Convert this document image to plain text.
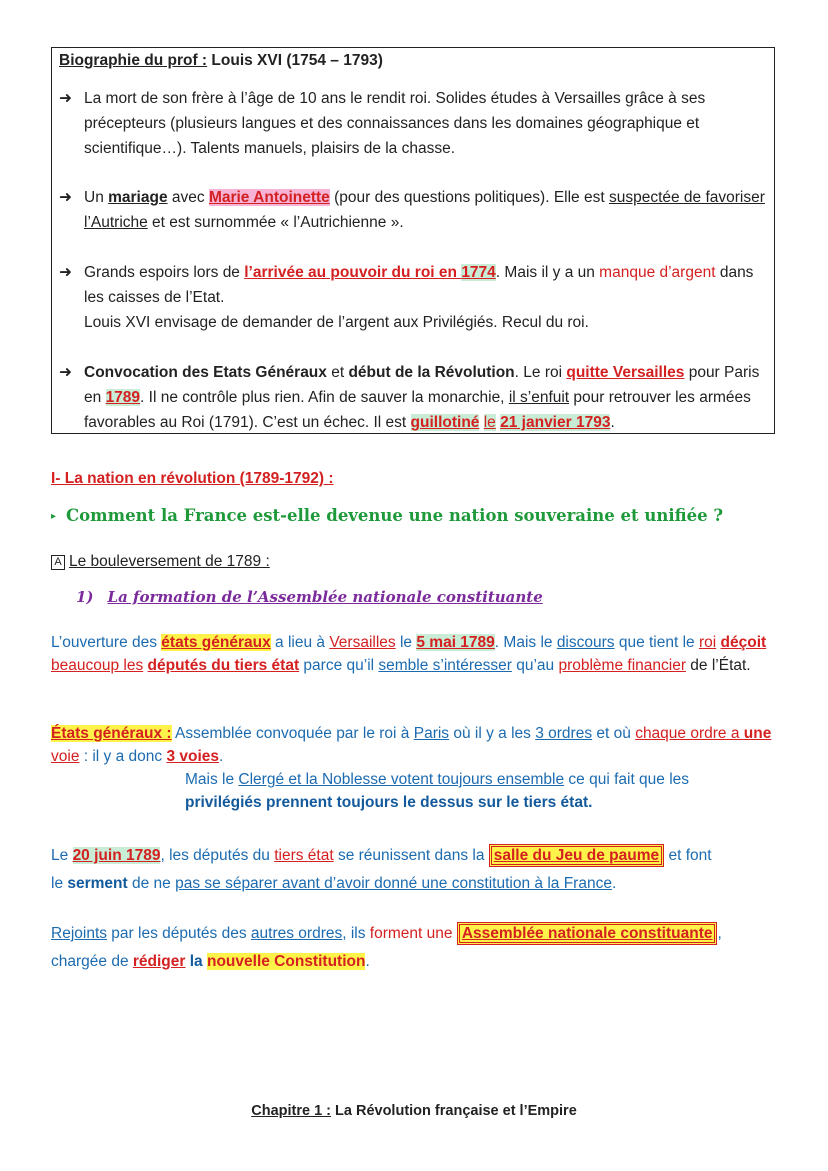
Biographie du prof : Louis XVI (1754 – 1793)
➜ La mort de son frère à l’âge de 10 ans le rendit roi. Solides études à Versailles grâce à ses précepteurs (plusieurs langues et des connaissances dans les domaines géographique et scientifique…). Talents manuels, plaisirs de la chasse.
➜ Un mariage avec Marie Antoinette (pour des questions politiques). Elle est suspectée de favoriser l’Autriche et est surnommée « l’Autrichienne ».
➜ Grands espoirs lors de l’arrivée au pouvoir du roi en 1774. Mais il y a un manque d’argent dans les caisses de l’Etat.
Louis XVI envisage de demander de l’argent aux Privilégiés. Recul du roi.
➜ Convocation des Etats Généraux et début de la Révolution. Le roi quitte Versailles pour Paris en 1789. Il ne contrôle plus rien. Afin de sauver la monarchie, il s’enfuit pour retrouver les armées favorables au Roi (1791). C’est un échec. Il est guillotiné le 21 janvier 1793.
I- La nation en révolution (1789-1792) :
▸ Comment la France est-elle devenue une nation souveraine et unifiée ?
A Le bouleversement de 1789 :
1) La formation de l’Assemblée nationale constituante
L’ouverture des états généraux a lieu à Versailles le 5 mai 1789. Mais le discours que tient le roi déçoit beaucoup les députés du tiers état parce qu’il semble s’intéresser qu’au problème financier de l’État.
États généraux : Assemblée convoquée par le roi à Paris où il y a les 3 ordres et où chaque ordre a une voie : il y a donc 3 voies.
Mais le Clergé et la Noblesse votent toujours ensemble ce qui fait que les
privilégiés prennent toujours le dessus sur le tiers état.
Le 20 juin 1789, les députés du tiers état se réunissent dans la salle du Jeu de paume et font
le serment de ne pas se séparer avant d’avoir donné une constitution à la France.
Rejoints par les députés des autres ordres, ils forment une Assemblée nationale constituante ,
chargée de rédiger la nouvelle Constitution.
Chapitre 1 : La Révolution française et l’Empire
